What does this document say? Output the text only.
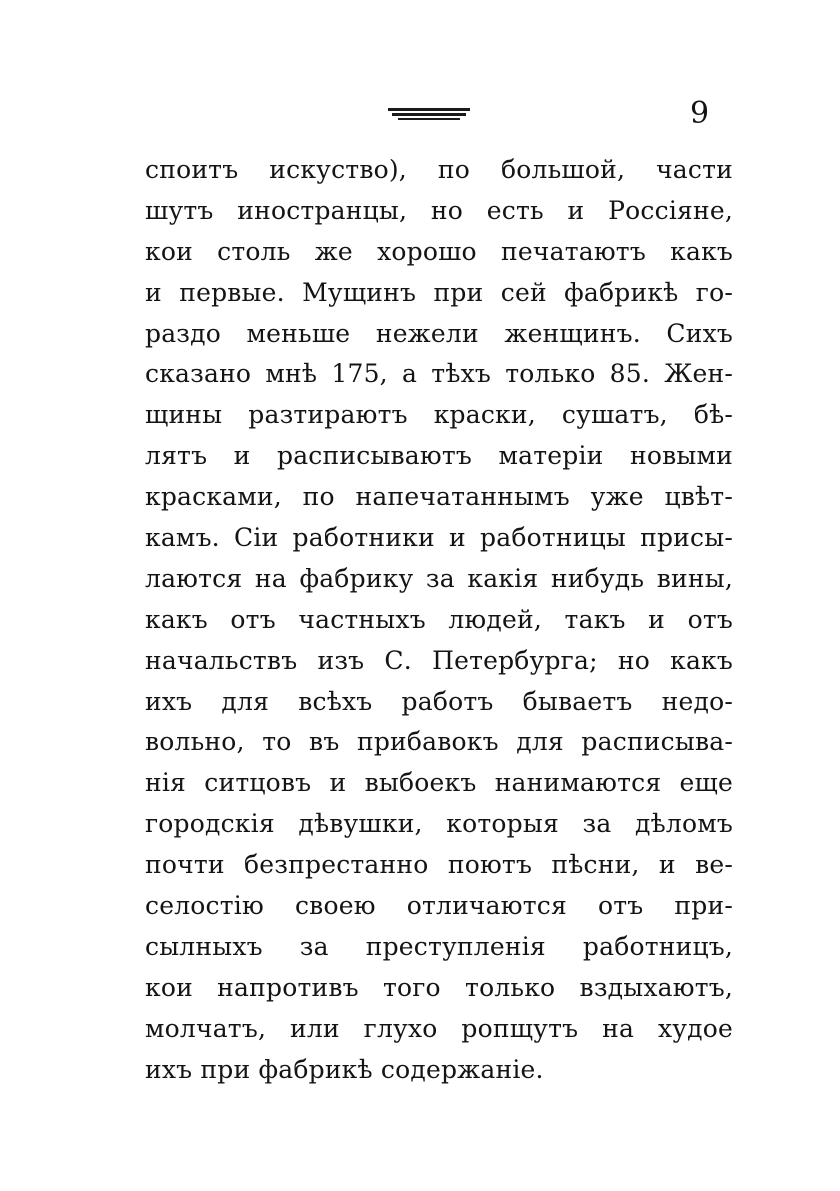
9
споитъ искуство), по большой, части
шутъ иностранцы, но есть и Россіяне,
кои столь же хорошо печатаютъ какъ
и первые. Мущинъ при сей фабрикѣ го-
раздо меньше нежели женщинъ. Сихъ
сказано мнѣ 175, а тѣхъ только 85. Жен-
щины разтираютъ краски, сушатъ, бѣ-
лятъ и расписываютъ матеріи новыми
красками, по напечатаннымъ уже цвѣт-
камъ. Сіи работники и работницы присы-
лаются на фабрику за какія нибудь вины,
какъ отъ частныхъ людей, такъ и отъ
начальствъ изъ С. Петербурга; но какъ
ихъ для всѣхъ работъ бываетъ недо-
вольно, то въ прибавокъ для расписыва-
нія ситцовъ и выбоекъ нанимаются еще
городскія дѣвушки, которыя за дѣломъ
почти безпрестанно поютъ пѣсни, и ве-
селостію своею отличаются отъ при-
сылныхъ за преступленія работницъ,
кои напротивъ того только вздыхаютъ,
молчатъ, или глухо ропщутъ на худое
ихъ при фабрикѣ содержаніе.
